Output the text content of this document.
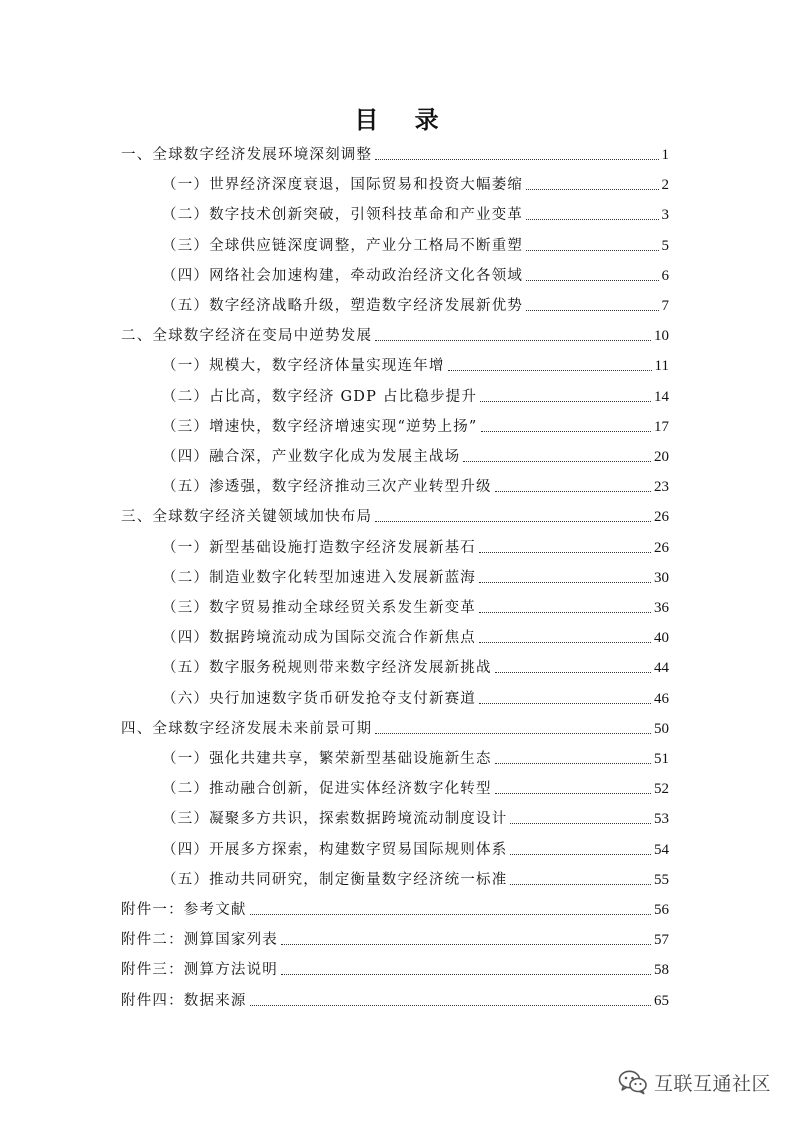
目 录
一、全球数字经济发展环境深刻调整	1
（一）世界经济深度衰退，国际贸易和投资大幅萎缩	2
（二）数字技术创新突破，引领科技革命和产业变革	3
（三）全球供应链深度调整，产业分工格局不断重塑	5
（四）网络社会加速构建，牵动政治经济文化各领域	6
（五）数字经济战略升级，塑造数字经济发展新优势	7
二、全球数字经济在变局中逆势发展	10
（一）规模大，数字经济体量实现连年增	11
（二）占比高，数字经济 GDP 占比稳步提升	14
（三）增速快，数字经济增速实现“逆势上扬”	17
（四）融合深，产业数字化成为发展主战场	20
（五）渗透强，数字经济推动三次产业转型升级	23
三、全球数字经济关键领域加快布局	26
（一）新型基础设施打造数字经济发展新基石	26
（二）制造业数字化转型加速进入发展新蓝海	30
（三）数字贸易推动全球经贸关系发生新变革	36
（四）数据跨境流动成为国际交流合作新焦点	40
（五）数字服务税规则带来数字经济发展新挑战	44
（六）央行加速数字货币研发抢夺支付新赛道	46
四、全球数字经济发展未来前景可期	50
（一）强化共建共享，繁荣新型基础设施新生态	51
（二）推动融合创新，促进实体经济数字化转型	52
（三）凝聚多方共识，探索数据跨境流动制度设计	53
（四）开展多方探索，构建数字贸易国际规则体系	54
（五）推动共同研究，制定衡量数字经济统一标准	55
附件一：参考文献	56
附件二：测算国家列表	57
附件三：测算方法说明	58
附件四：数据来源	65
互联互通社区
